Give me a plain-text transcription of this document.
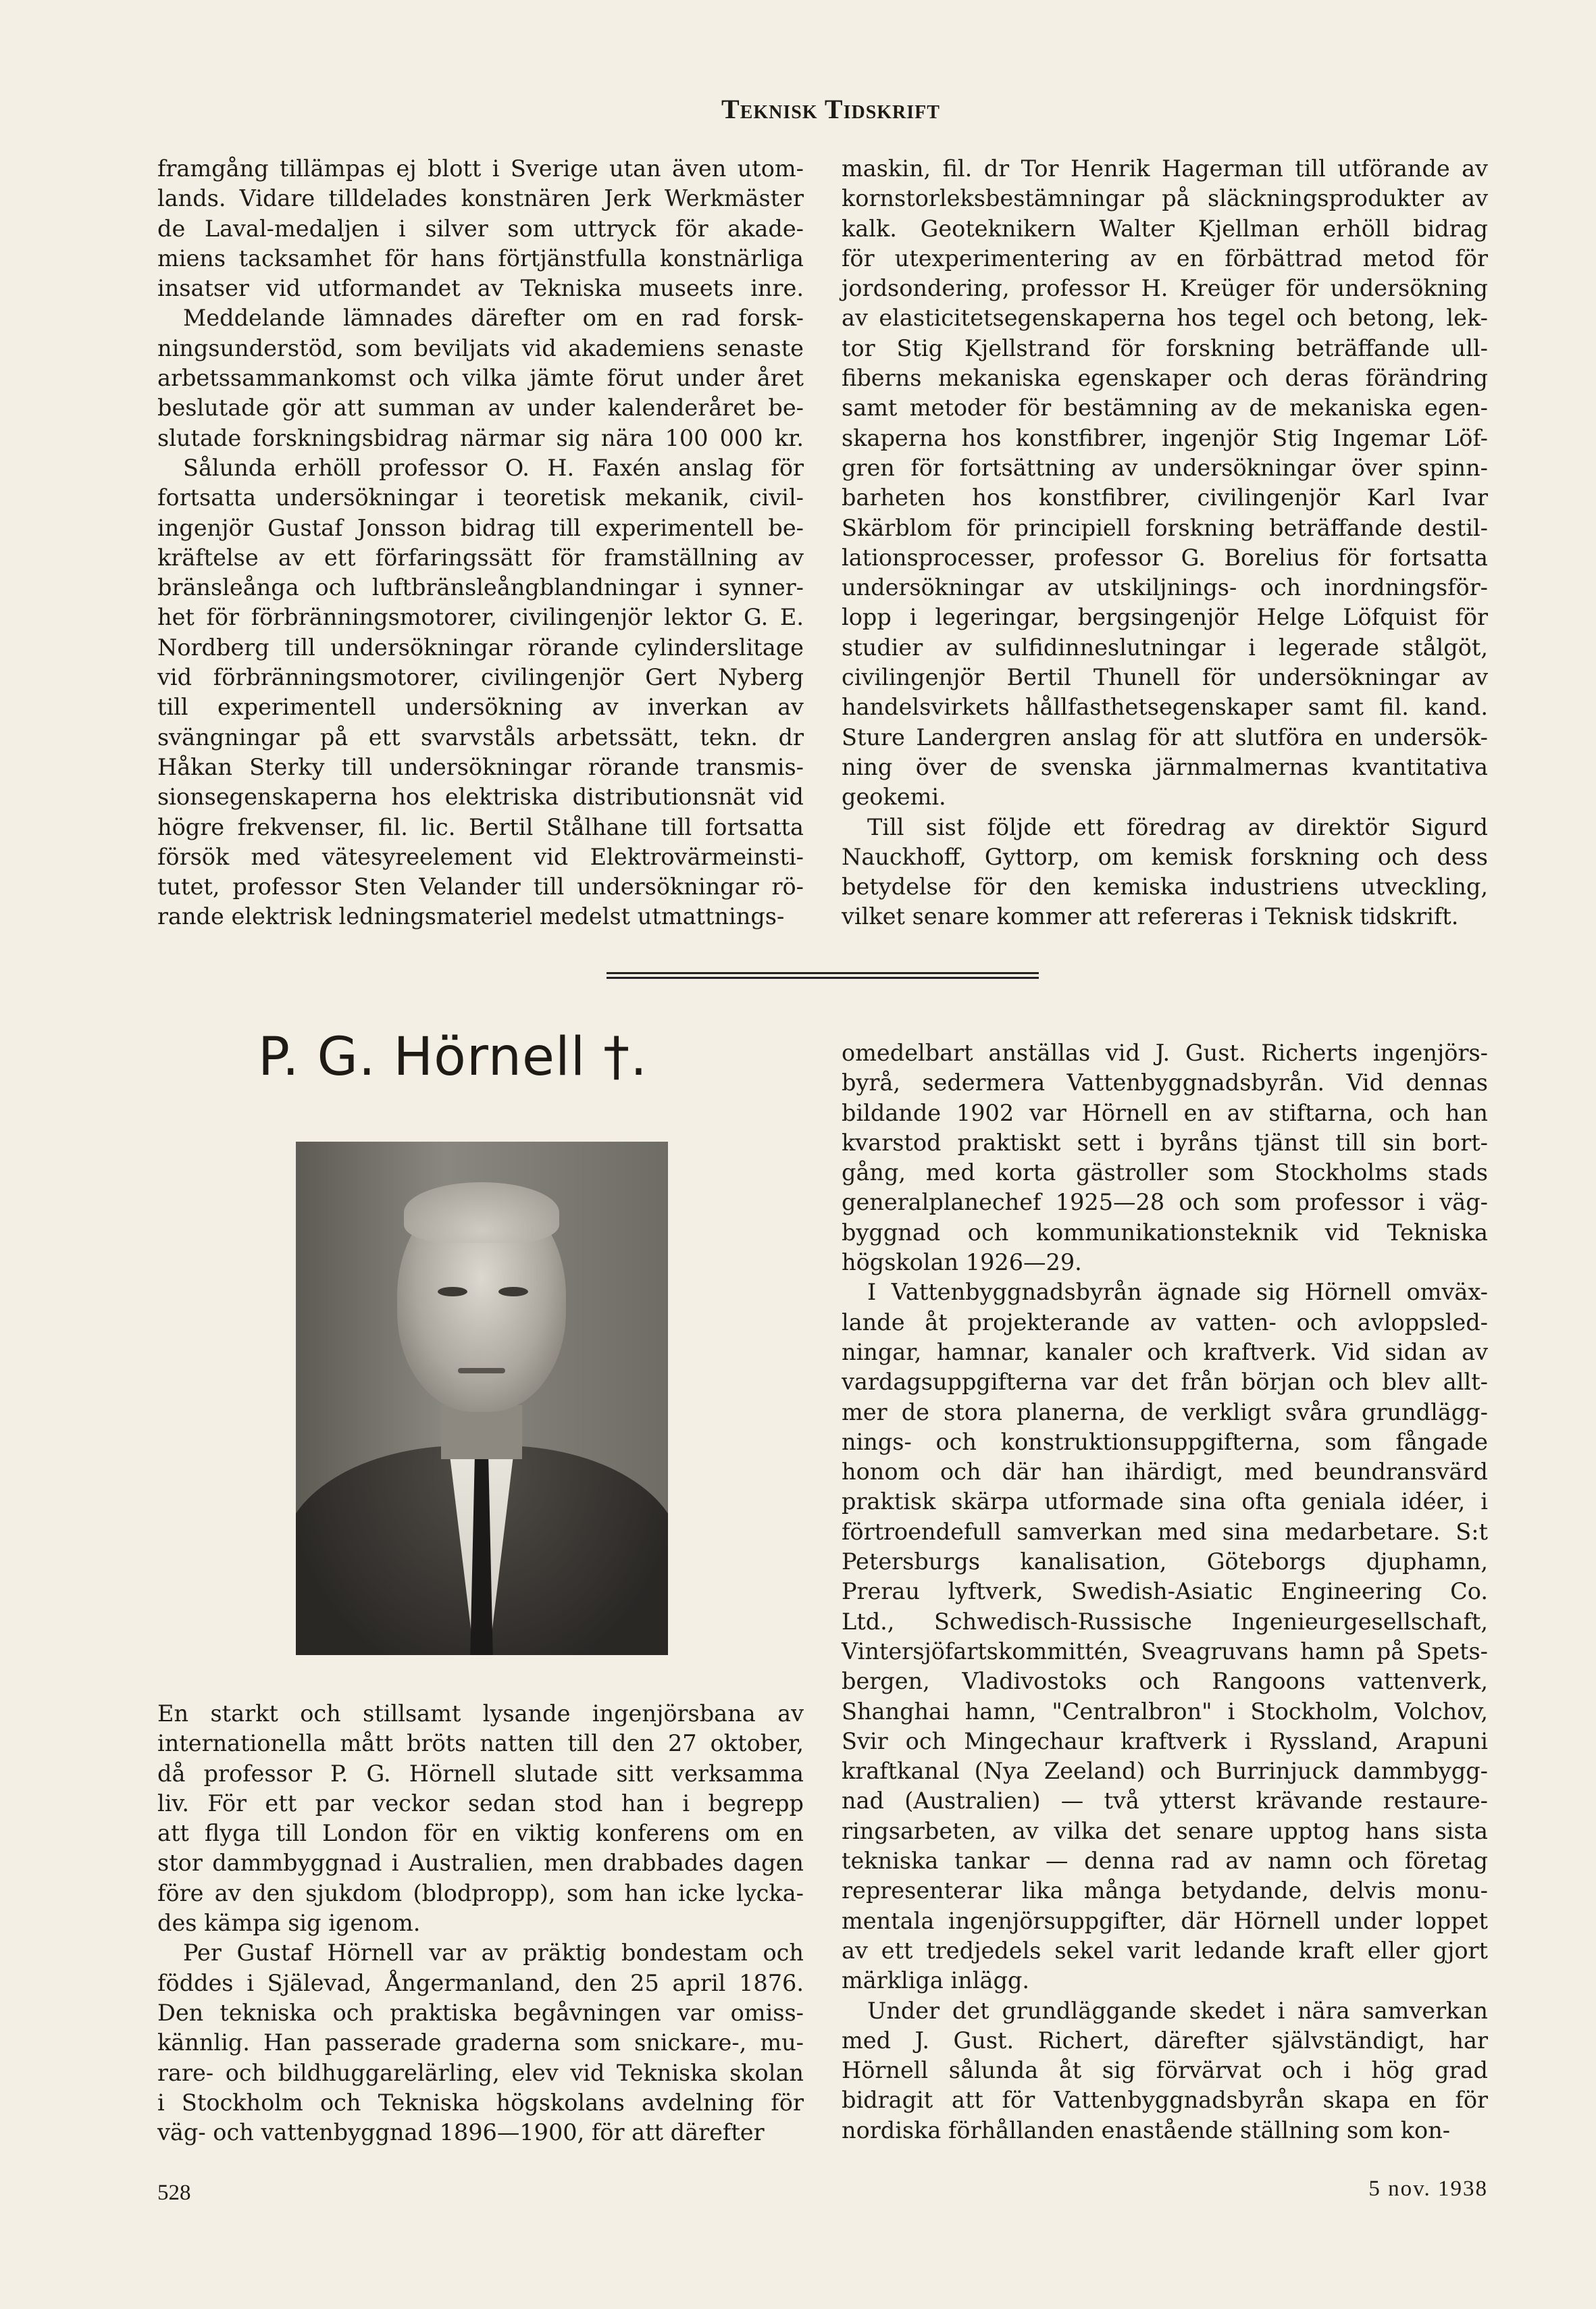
Teknisk Tidskrift
framgång tillämpas ej blott i Sverige utan även utom-
lands. Vidare tilldelades konstnären Jerk Werkmäster
de Laval-medaljen i silver som uttryck för akade-
miens tacksamhet för hans förtjänstfulla konstnärliga
insatser vid utformandet av Tekniska museets inre.
Meddelande lämnades därefter om en rad forsk-
ningsunderstöd, som beviljats vid akademiens senaste
arbetssammankomst och vilka jämte förut under året
beslutade gör att summan av under kalenderåret be-
slutade forskningsbidrag närmar sig nära 100 000 kr.
Sålunda erhöll professor O. H. Faxén anslag för
fortsatta undersökningar i teoretisk mekanik, civil-
ingenjör Gustaf Jonsson bidrag till experimentell be-
kräftelse av ett förfaringssätt för framställning av
bränsleånga och luftbränsleångblandningar i synner-
het för förbränningsmotorer, civilingenjör lektor G. E.
Nordberg till undersökningar rörande cylinderslitage
vid förbränningsmotorer, civilingenjör Gert Nyberg
till experimentell undersökning av inverkan av
svängningar på ett svarvståls arbetssätt, tekn. dr
Håkan Sterky till undersökningar rörande transmis-
sionsegenskaperna hos elektriska distributionsnät vid
högre frekvenser, fil. lic. Bertil Stålhane till fortsatta
försök med vätesyreelement vid Elektrovärmeinsti-
tutet, professor Sten Velander till undersökningar rö-
rande elektrisk ledningsmateriel medelst utmattnings-
maskin, fil. dr Tor Henrik Hagerman till utförande av
kornstorleksbestämningar på släckningsprodukter av
kalk. Geoteknikern Walter Kjellman erhöll bidrag
för utexperimentering av en förbättrad metod för
jordsondering, professor H. Kreüger för undersökning
av elasticitetsegenskaperna hos tegel och betong, lek-
tor Stig Kjellstrand för forskning beträffande ull-
fiberns mekaniska egenskaper och deras förändring
samt metoder för bestämning av de mekaniska egen-
skaperna hos konstfibrer, ingenjör Stig Ingemar Löf-
gren för fortsättning av undersökningar över spinn-
barheten hos konstfibrer, civilingenjör Karl Ivar
Skärblom för principiell forskning beträffande destil-
lationsprocesser, professor G. Borelius för fortsatta
undersökningar av utskiljnings- och inordningsför-
lopp i legeringar, bergsingenjör Helge Löfquist för
studier av sulfidinneslutningar i legerade stålgöt,
civilingenjör Bertil Thunell för undersökningar av
handelsvirkets hållfasthetsegenskaper samt fil. kand.
Sture Landergren anslag för att slutföra en undersök-
ning över de svenska järnmalmernas kvantitativa
geokemi.
Till sist följde ett föredrag av direktör Sigurd
Nauckhoff, Gyttorp, om kemisk forskning och dess
betydelse för den kemiska industriens utveckling,
vilket senare kommer att refereras i Teknisk tidskrift.
P. G. Hörnell †.
En starkt och stillsamt lysande ingenjörsbana av
internationella mått bröts natten till den 27 oktober,
då professor P. G. Hörnell slutade sitt verksamma
liv. För ett par veckor sedan stod han i begrepp
att flyga till London för en viktig konferens om en
stor dammbyggnad i Australien, men drabbades dagen
före av den sjukdom (blodpropp), som han icke lycka-
des kämpa sig igenom.
Per Gustaf Hörnell var av präktig bondestam och
föddes i Själevad, Ångermanland, den 25 april 1876.
Den tekniska och praktiska begåvningen var omiss-
kännlig. Han passerade graderna som snickare-, mu-
rare- och bildhuggarelärling, elev vid Tekniska skolan
i Stockholm och Tekniska högskolans avdelning för
väg- och vattenbyggnad 1896—1900, för att därefter
omedelbart anställas vid J. Gust. Richerts ingenjörs-
byrå, sedermera Vattenbyggnadsbyrån. Vid dennas
bildande 1902 var Hörnell en av stiftarna, och han
kvarstod praktiskt sett i byråns tjänst till sin bort-
gång, med korta gästroller som Stockholms stads
generalplanechef 1925—28 och som professor i väg-
byggnad och kommunikationsteknik vid Tekniska
högskolan 1926—29.
I Vattenbyggnadsbyrån ägnade sig Hörnell omväx-
lande åt projekterande av vatten- och avloppsled-
ningar, hamnar, kanaler och kraftverk. Vid sidan av
vardagsuppgifterna var det från början och blev allt-
mer de stora planerna, de verkligt svåra grundlägg-
nings- och konstruktionsuppgifterna, som fångade
honom och där han ihärdigt, med beundransvärd
praktisk skärpa utformade sina ofta geniala idéer, i
förtroendefull samverkan med sina medarbetare. S:t
Petersburgs kanalisation, Göteborgs djuphamn,
Prerau lyftverk, Swedish-Asiatic Engineering Co.
Ltd., Schwedisch-Russische Ingenieurgesellschaft,
Vintersjöfartskommittén, Sveagruvans hamn på Spets-
bergen, Vladivostoks och Rangoons vattenverk,
Shanghai hamn, "Centralbron" i Stockholm, Volchov,
Svir och Mingechaur kraftverk i Ryssland, Arapuni
kraftkanal (Nya Zeeland) och Burrinjuck dammbygg-
nad (Australien) — två ytterst krävande restaure-
ringsarbeten, av vilka det senare upptog hans sista
tekniska tankar — denna rad av namn och företag
representerar lika många betydande, delvis monu-
mentala ingenjörsuppgifter, där Hörnell under loppet
av ett tredjedels sekel varit ledande kraft eller gjort
märkliga inlägg.
Under det grundläggande skedet i nära samverkan
med J. Gust. Richert, därefter självständigt, har
Hörnell sålunda åt sig förvärvat och i hög grad
bidragit att för Vattenbyggnadsbyrån skapa en för
nordiska förhållanden enastående ställning som kon-
528	5 nov. 1938
